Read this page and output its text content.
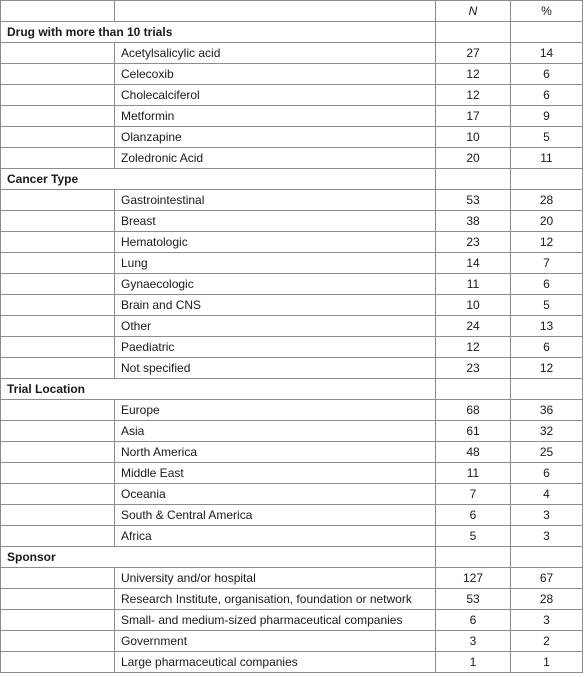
		N	%
Drug with more than 10 trials			
	Acetylsalicylic acid	27	14
	Celecoxib	12	6
	Cholecalciferol	12	6
	Metformin	17	9
	Olanzapine	10	5
	Zoledronic Acid	20	11
Cancer Type			
	Gastrointestinal	53	28
	Breast	38	20
	Hematologic	23	12
	Lung	14	7
	Gynaecologic	11	6
	Brain and CNS	10	5
	Other	24	13
	Paediatric	12	6
	Not specified	23	12
Trial Location			
	Europe	68	36
	Asia	61	32
	North America	48	25
	Middle East	11	6
	Oceania	7	4
	South & Central America	6	3
	Africa	5	3
Sponsor			
	University and/or hospital	127	67
	Research Institute, organisation, foundation or network	53	28
	Small- and medium-sized pharmaceutical companies	6	3
	Government	3	2
	Large pharmaceutical companies	1	1
